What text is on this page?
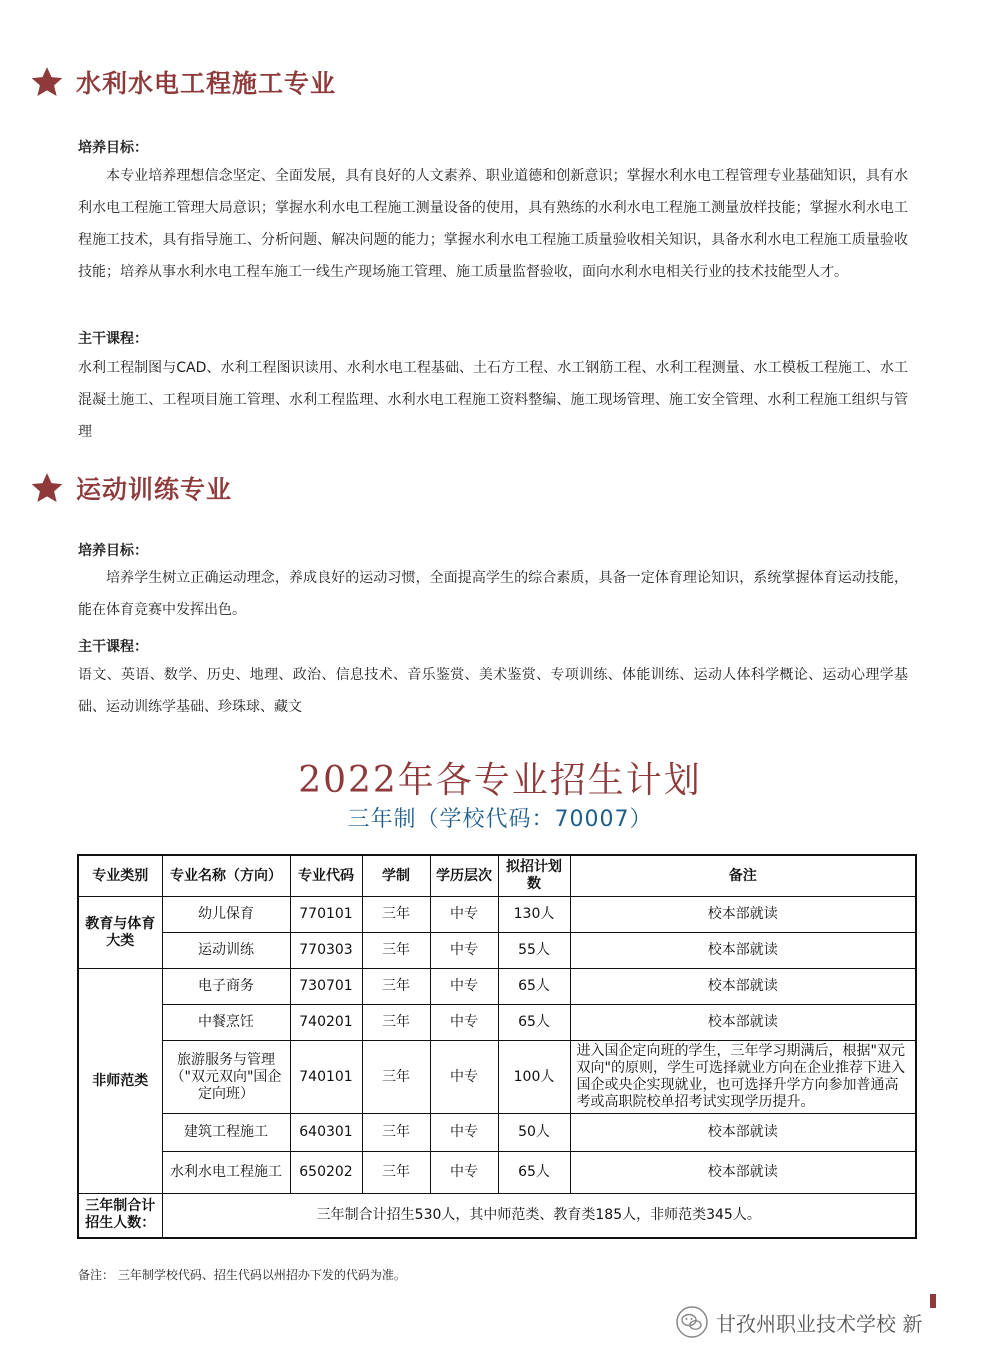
水利水电工程施工专业
培养目标：
本专业培养理想信念坚定、全面发展，具有良好的人文素养、职业道德和创新意识；掌握水利水电工程管理专业基础知识，具有水利水电工程施工管理大局意识；掌握水利水电工程施工测量设备的使用，具有熟练的水利水电工程施工测量放样技能；掌握水利水电工程施工技术，具有指导施工、分析问题、解决问题的能力；掌握水利水电工程施工质量验收相关知识，具备水利水电工程施工质量验收技能；培养从事水利水电工程车施工一线生产现场施工管理、施工质量监督验收，面向水利水电相关行业的技术技能型人才。
主干课程：
水利工程制图与CAD、水利工程图识读用、水利水电工程基础、土石方工程、水工钢筋工程、水利工程测量、水工模板工程施工、水工混凝土施工、工程项目施工管理、水利工程监理、水利水电工程施工资料整编、施工现场管理、施工安全管理、水利工程施工组织与管理
运动训练专业
培养目标：
培养学生树立正确运动理念，养成良好的运动习惯，全面提高学生的综合素质，具备一定体育理论知识，系统掌握体育运动技能，能在体育竞赛中发挥出色。
主干课程：
语文、英语、数学、历史、地理、政治、信息技术、音乐鉴赏、美术鉴赏、专项训练、体能训练、运动人体科学概论、运动心理学基础、运动训练学基础、珍珠球、藏文
2022年各专业招生计划
三年制（学校代码：70007）
专业类别	专业名称（方向）	专业代码	学制	学历层次	拟招计划数	备注
教育与体育大类	幼儿保育	770101	三年	中专	130人	校本部就读
	运动训练	770303	三年	中专	55人	校本部就读
非师范类	电子商务	730701	三年	中专	65人	校本部就读
	中餐烹饪	740201	三年	中专	65人	校本部就读
	旅游服务与管理（"双元双向"国企定向班）	740101	三年	中专	100人	进入国企定向班的学生，三年学习期满后，根据"双元双向"的原则，学生可选择就业方向在企业推荐下进入国企或央企实现就业，也可选择升学方向参加普通高考或高职院校单招考试实现学历提升。
	建筑工程施工	640301	三年	中专	50人	校本部就读
	水利水电工程施工	650202	三年	中专	65人	校本部就读
三年制合计招生人数：	三年制合计招生530人，其中师范类、教育类185人，非师范类345人。					
备注： 三年制学校代码、招生代码以州招办下发的代码为准。
甘孜州职业技术学校 新
